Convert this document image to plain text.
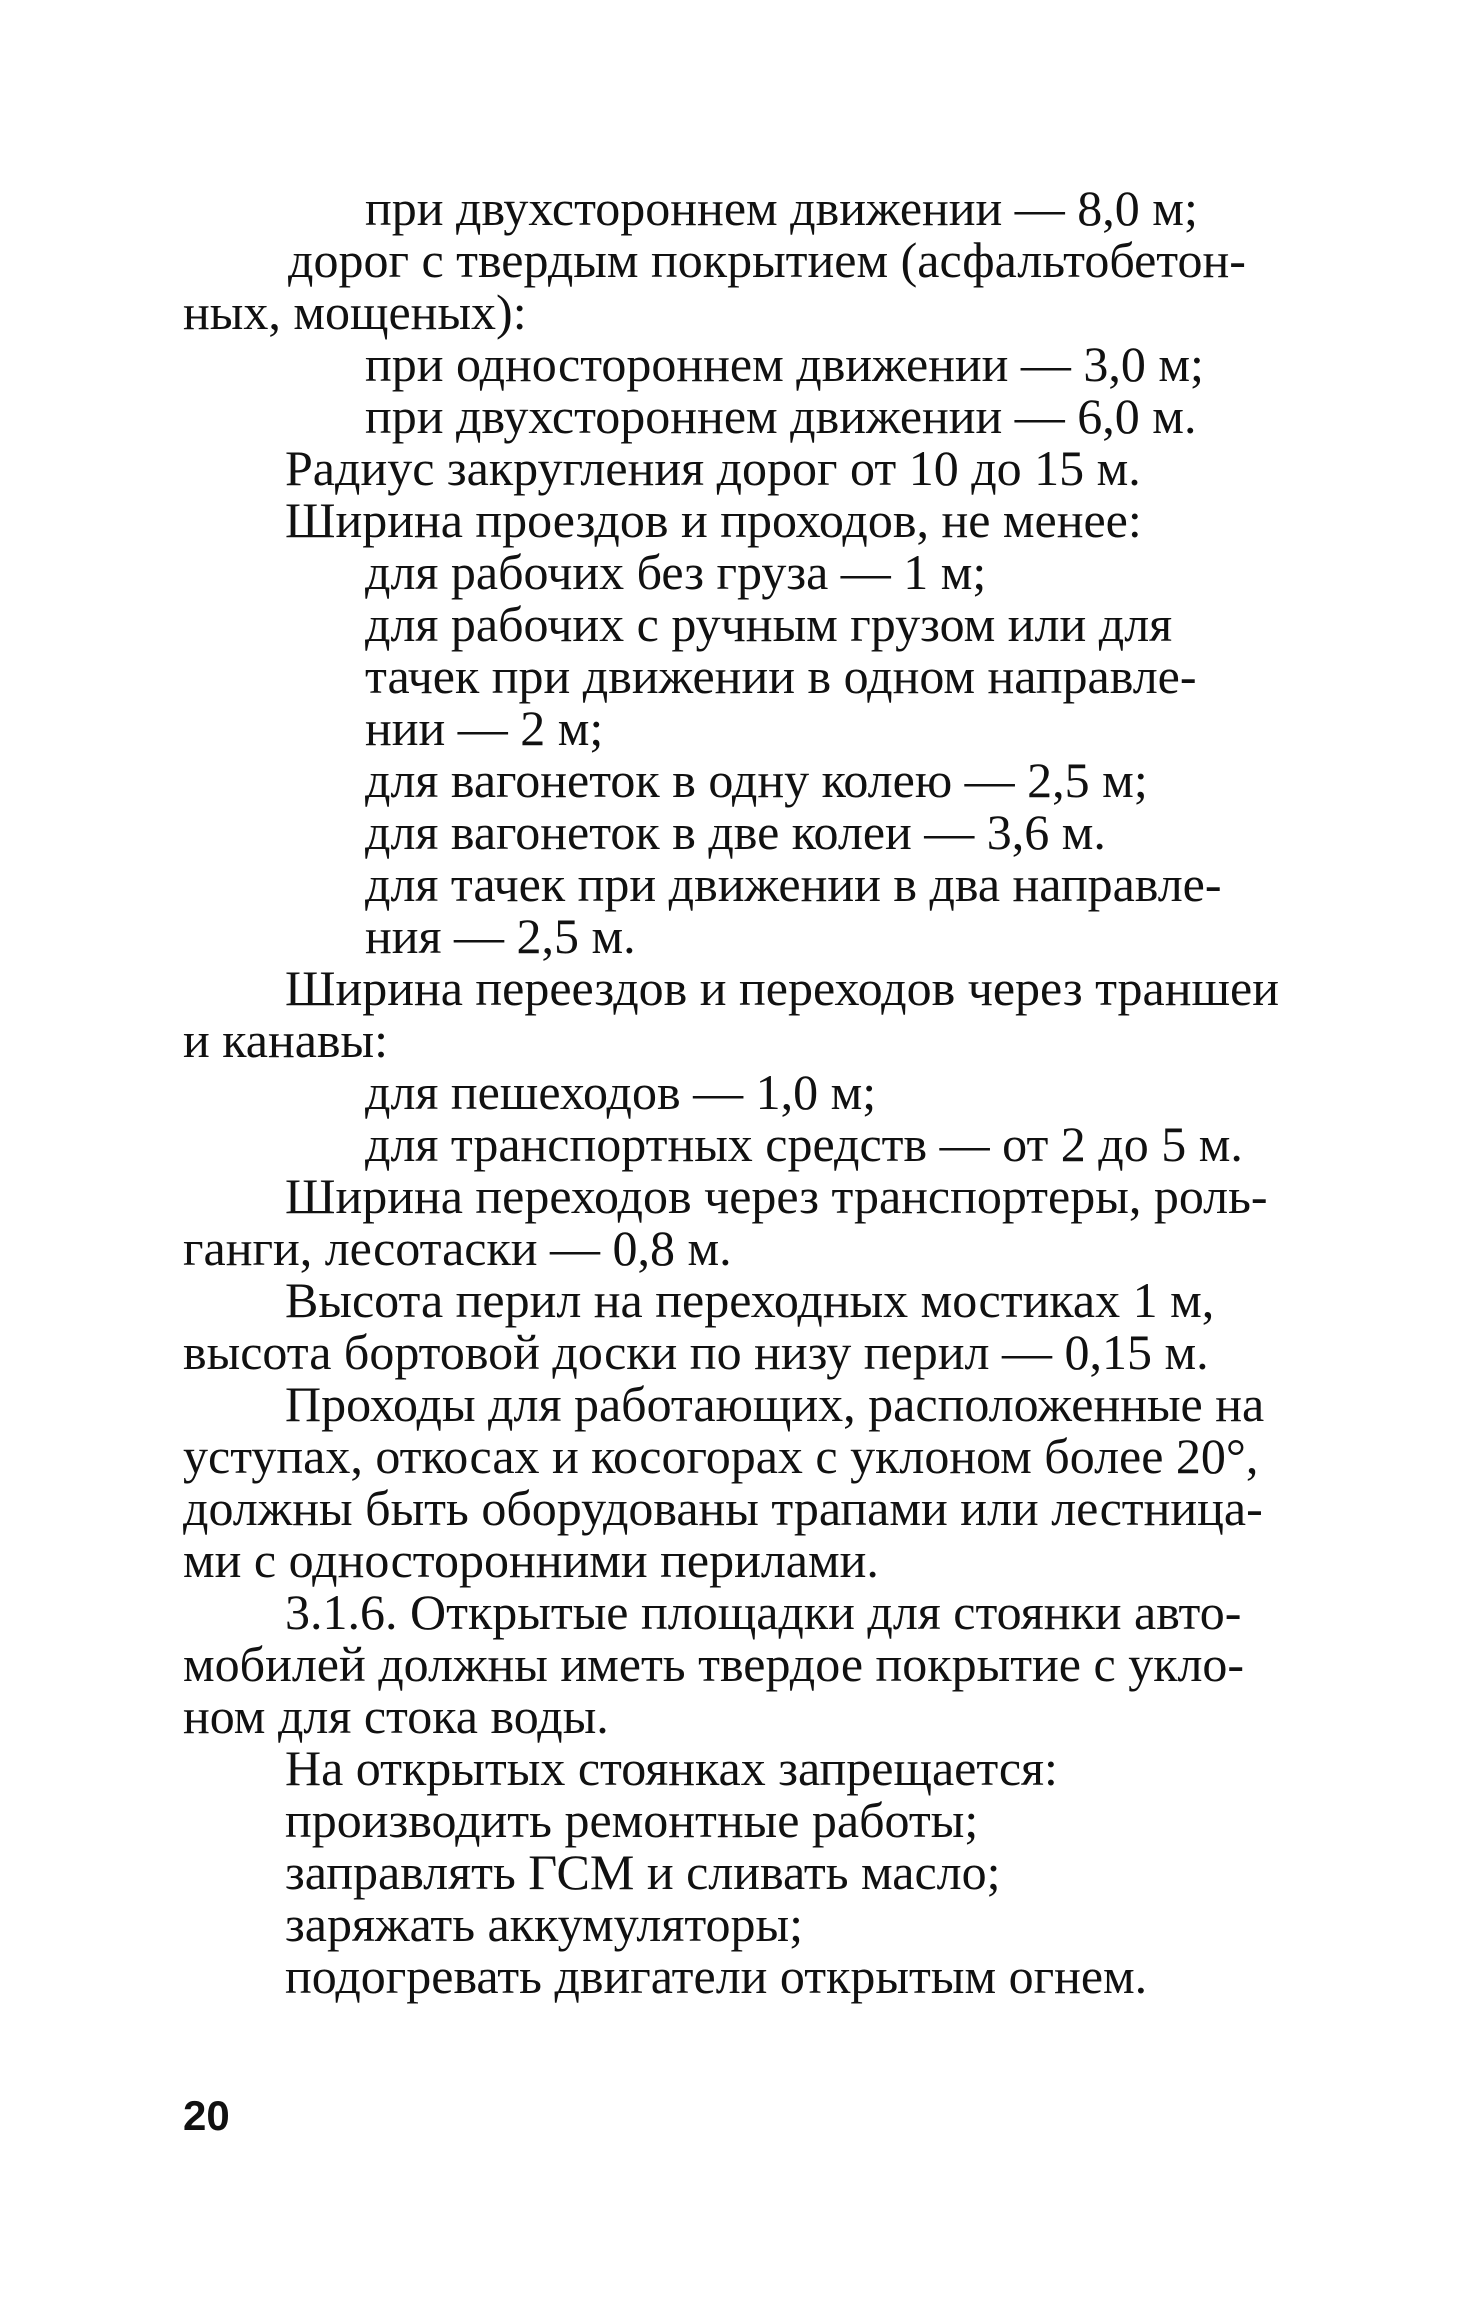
при двухстороннем движении — 8,0 м;

дорог с твердым покрытием (асфальтобетон-

ных, мощеных):

при одностороннем движении — 3,0 м;

при двухстороннем движении — 6,0 м.

Радиус закругления дорог от 10 до 15 м.

Ширина проездов и проходов, не менее:

для рабочих без груза — 1 м;

для рабочих с ручным грузом или для

тачек при движении в одном направле-

нии — 2 м;

для вагонеток в одну колею — 2,5 м;

для вагонеток в две колеи — 3,6 м.

для тачек при движении в два направле-

ния — 2,5 м.

Ширина переездов и переходов через траншеи

и канавы:

для пешеходов — 1,0 м;

для транспортных средств — от 2 до 5 м.

Ширина переходов через транспортеры, роль-

ганги, лесотаски — 0,8 м.

Высота перил на переходных мостиках 1 м,

высота бортовой доски по низу перил — 0,15 м.

Проходы для работающих, расположенные на

уступах, откосах и косогорах с уклоном более 20°,

должны быть оборудованы трапами или лестница-

ми с односторонними перилами.

3.1.6. Открытые площадки для стоянки авто-

мобилей должны иметь твердое покрытие с укло-

ном для стока воды.

На открытых стоянках запрещается:

производить ремонтные работы;

заправлять ГСМ и сливать масло;

заряжать аккумуляторы;

подогревать двигатели открытым огнем.

20
